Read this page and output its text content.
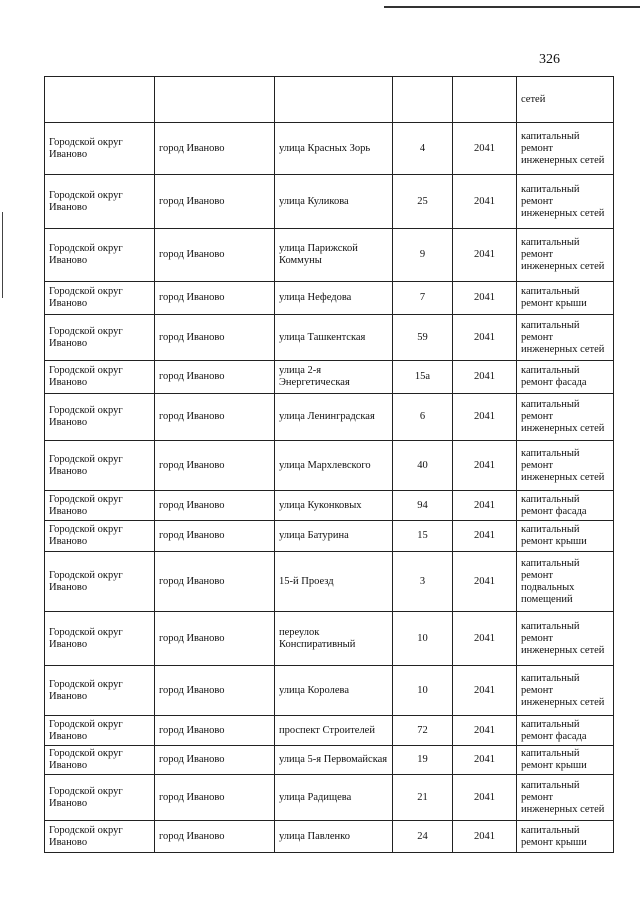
326
					сетей
Городской округ Иваново	город Иваново	улица Красных Зорь	4	2041	капитальный ремонт инженерных сетей
Городской округ Иваново	город Иваново	улица Куликова	25	2041	капитальный ремонт инженерных сетей
Городской округ Иваново	город Иваново	улица Парижской Коммуны	9	2041	капитальный ремонт инженерных сетей
Городской округ Иваново	город Иваново	улица Нефедова	7	2041	капитальный ремонт крыши
Городской округ Иваново	город Иваново	улица Ташкентская	59	2041	капитальный ремонт инженерных сетей
Городской округ Иваново	город Иваново	улица 2-я Энергетическая	15а	2041	капитальный ремонт фасада
Городской округ Иваново	город Иваново	улица Ленинградская	6	2041	капитальный ремонт инженерных сетей
Городской округ Иваново	город Иваново	улица Мархлевского	40	2041	капитальный ремонт инженерных сетей
Городской округ Иваново	город Иваново	улица Куконковых	94	2041	капитальный ремонт фасада
Городской округ Иваново	город Иваново	улица Батурина	15	2041	капитальный ремонт крыши
Городской округ Иваново	город Иваново	15-й Проезд	3	2041	капитальный ремонт подвальных помещений
Городской округ Иваново	город Иваново	переулок Конспиративный	10	2041	капитальный ремонт инженерных сетей
Городской округ Иваново	город Иваново	улица Королева	10	2041	капитальный ремонт инженерных сетей
Городской округ Иваново	город Иваново	проспект Строителей	72	2041	капитальный ремонт фасада
Городской округ Иваново	город Иваново	улица 5-я Первомайская	19	2041	капитальный ремонт крыши
Городской округ Иваново	город Иваново	улица Радищева	21	2041	капитальный ремонт инженерных сетей
Городской округ Иваново	город Иваново	улица Павленко	24	2041	капитальный ремонт крыши
